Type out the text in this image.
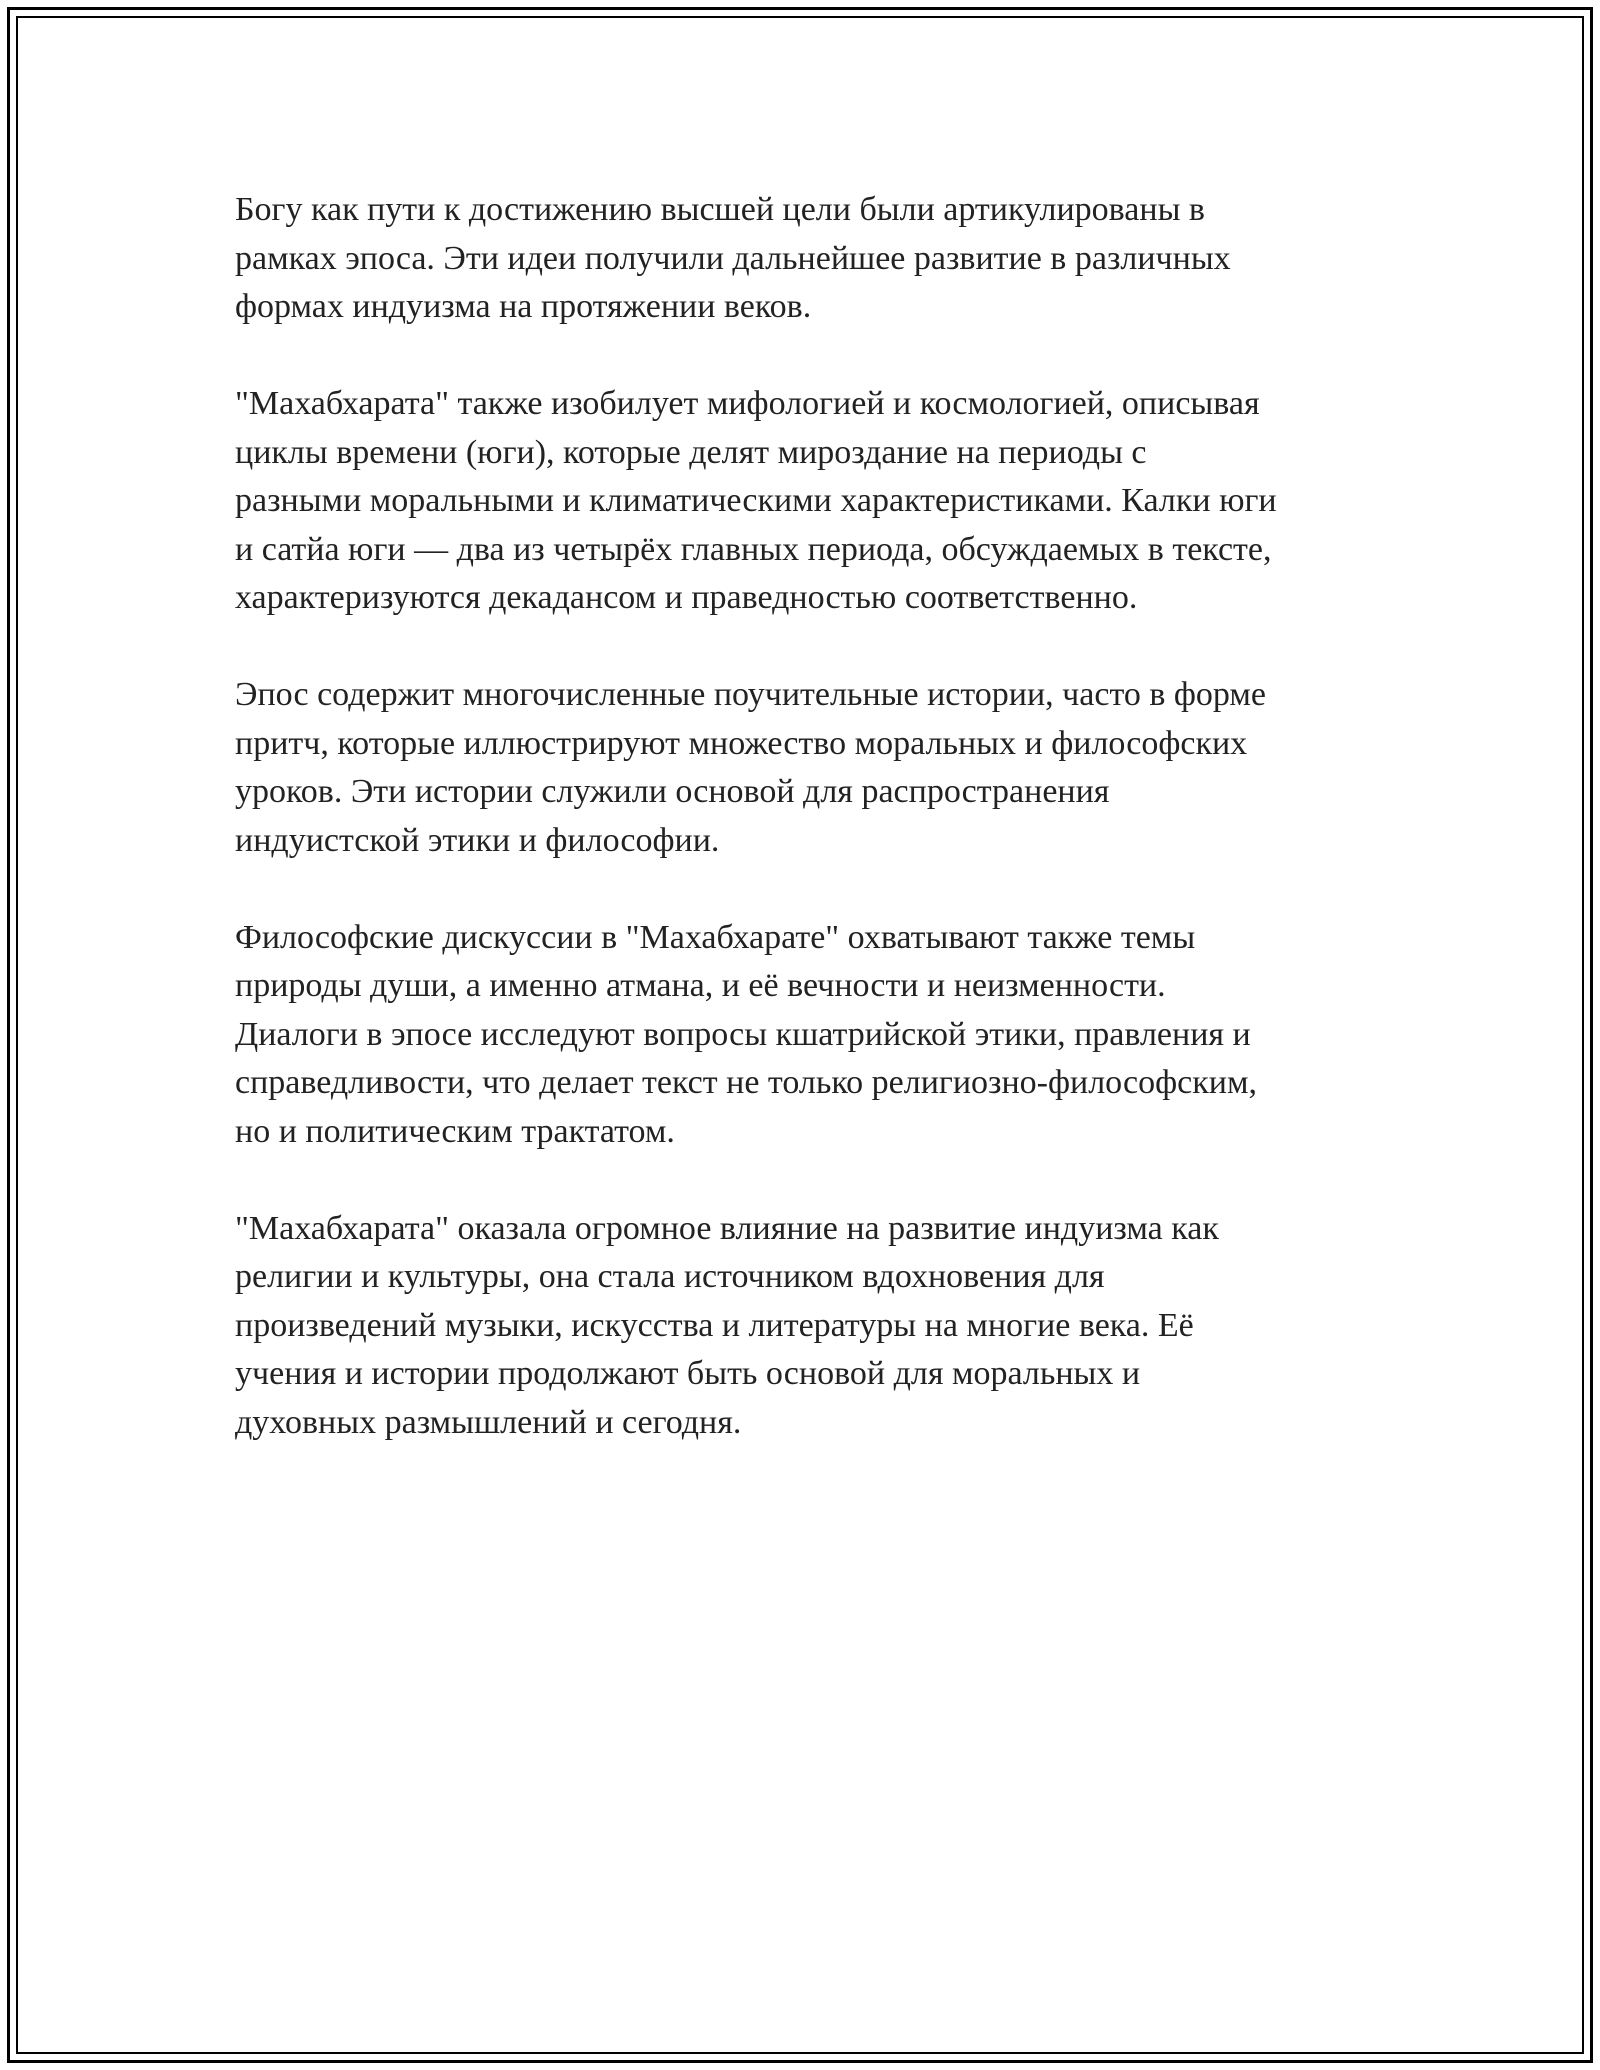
Богу как пути к достижению высшей цели были артикулированы в
рамках эпоса. Эти идеи получили дальнейшее развитие в различных
формах индуизма на протяжении веков.

"Махабхарата" также изобилует мифологией и космологией, описывая
циклы времени (юги), которые делят мироздание на периоды с
разными моральными и климатическими характеристиками. Калки юги
и сатйа юги — два из четырёх главных периода, обсуждаемых в тексте,
характеризуются декадансом и праведностью соответственно.

Эпос содержит многочисленные поучительные истории, часто в форме
притч, которые иллюстрируют множество моральных и философских
уроков. Эти истории служили основой для распространения
индуистской этики и философии.

Философские дискуссии в "Махабхарате" охватывают также темы
природы души, а именно атмана, и её вечности и неизменности.
Диалоги в эпосе исследуют вопросы кшатрийской этики, правления и
справедливости, что делает текст не только религиозно-философским,
но и политическим трактатом.

"Махабхарата" оказала огромное влияние на развитие индуизма как
религии и культуры, она стала источником вдохновения для
произведений музыки, искусства и литературы на многие века. Её
учения и истории продолжают быть основой для моральных и
духовных размышлений и сегодня.
